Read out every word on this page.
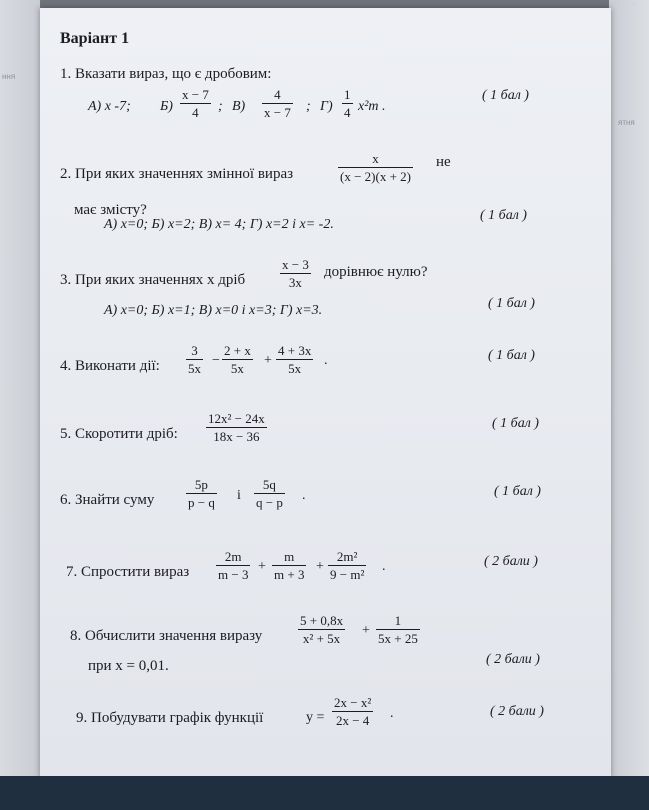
ння
ятня
ч а
Варіант 1
1. Вказати вираз, що є дробовим:
А) x -7; $Б) \frac{x - 7}{4}$ ; $В) \frac{4}{x - 7}$ ; $Г) \frac{1}{4} x^2m$ .
( 1 бал )
2. При яких значеннях змінної вираз	$\frac{x}{(x - 2)(x + 2)}$ не
має змісту?
А) x=0; Б) x=2; В) x= 4; Г) x=2 і x= -2.
( 1 бал )
3. При яких значеннях х дріб	$\frac{x - 3}{3x}$ дорівнює нулю?
А) x=0; Б) x=1; В) x=0 і x=3; Г) x=3.	( 1 бал )
4. Виконати дії: $\frac{3}{5x} - \frac{2 + x}{5x} + \frac{4 + 3x}{5x}$ .	( 1 бал )
5. Скоротити дріб: $\frac{\text{12x² − 24x}}{18x - 36}$	( 1 бал )
6. Знайти суму $\frac{5p}{p - q}$ і $\frac{5q}{q - p}$ .	( 1 бал )
7. Спростити вираз $\frac{2m}{m - 3} + \frac{m}{m + 3} + \frac{\text{2m²}}{\text{9 − m²}}$ .	( 2 бали )
8. Обчислити значення виразу	$\frac{5 + 0,8x}{\text{x² + 5x}} + \frac{1}{5x + 25}$
при x = 0,01.	( 2 бали )
9. Побудувати графік функції	$y = \frac{\text{2x − x²}}{2x - 4}$ .	( 2 бали )
